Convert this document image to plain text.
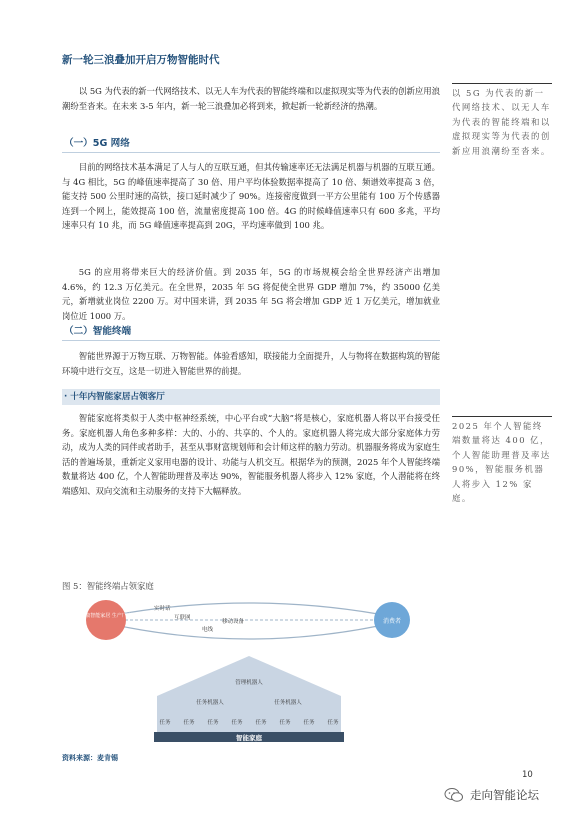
新一轮三浪叠加开启万物智能时代

以 5G 为代表的新一代网络技术、以无人车为代表的智能终端和以虚拟现实等为代表的创新应用浪潮纷至沓来。在未来 3-5 年内，新一轮三浪叠加必将到来，掀起新一轮新经济的热潮。

（一）5G 网络

目前的网络技术基本满足了人与人的互联互通，但其传输速率还无法满足机器与机器的互联互通。与 4G 相比，5G 的峰值速率提高了 30 倍、用户平均体验数据率提高了 10 倍、频谱效率提高 3 倍，能支持 500 公里时速的高铁，接口延时减少了 90%。连接密度做到一平方公里能有 100 万个传感器连到一个网上，能效提高 100 倍，流量密度提高 100 倍。4G 的时候峰值速率只有 600 多兆，平均速率只有 10 兆，而 5G 峰值速率提高到 20G，平均速率做到 100 兆。

5G 的应用将带来巨大的经济价值。到 2035 年，5G 的市场规模会给全世界经济产出增加 4.6%，约 12.3 万亿美元。在全世界，2035 年 5G 将促使全世界 GDP 增加 7%，约 35000 亿美元，新增就业岗位 2200 万。对中国来讲，到 2035 年 5G 将会增加 GDP 近 1 万亿美元，增加就业岗位近 1000 万。

（二）智能终端

智能世界源于万物互联、万物智能。体验看感知，联接能力全面提升，人与物将在数据构筑的智能环境中进行交互，这是一切进入智能世界的前提。

· 十年内智能家居占领客厅

智能家庭将类似于人类中枢神经系统，中心平台或“大脑”将是核心，家庭机器人将以平台接受任务。家庭机器人角色多种多样：大的、小的、共享的、个人的。家庭机器人将完成大部分家庭体力劳动，成为人类的同伴或者助手，甚至从事财富规划师和会计师这样的脑力劳动。机器服务将成为家庭生活的普遍场景，重新定义家用电器的设计、功能与人机交互。根据华为的预测，2025 年个人智能终端数量将达 400 亿，个人智能助理普及率达 90%，智能服务机器人将步入 12% 家庭，个人潜能将在终端感知、双向交流和主动服务的支持下大幅释放。

以 5G 为代表的新一代网络技术、以无人车为代表的智能终端和以虚拟现实等为代表的创新应用浪潮纷至沓来。
2025 年个人智能终端数量将达 400 亿，个人智能助理普及率达 90%，智能服务机器人将步入 12% 家庭。
图 5：智能终端占领家庭
智能家庭
实时话
互联网
移动设备
电线
泰康智能家居 生产厂商
消费者
管理机器人
任务机器人	任务机器人
任务 任务 任务 任务 任务 任务 任务 任务
资料来源：麦肯锡
10
走向智能论坛
